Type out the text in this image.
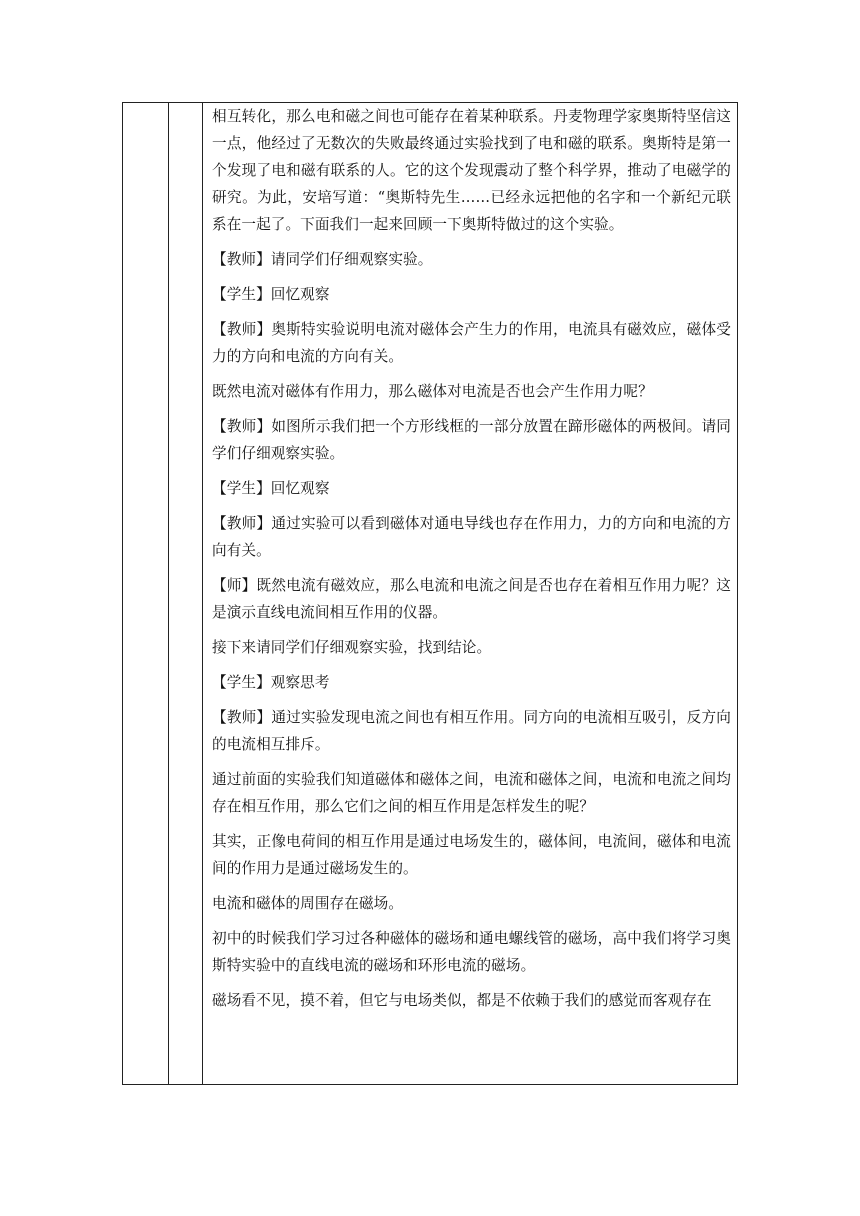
相互转化，那么电和磁之间也可能存在着某种联系。丹麦物理学家奥斯特坚信这一点，他经过了无数次的失败最终通过实验找到了电和磁的联系。奥斯特是第一个发现了电和磁有联系的人。它的这个发现震动了整个科学界，推动了电磁学的研究。为此，安培写道：“奥斯特先生……已经永远把他的名字和一个新纪元联系在一起了。下面我们一起来回顾一下奥斯特做过的这个实验。

【教师】请同学们仔细观察实验。

【学生】回忆观察

【教师】奥斯特实验说明电流对磁体会产生力的作用，电流具有磁效应，磁体受力的方向和电流的方向有关。

既然电流对磁体有作用力，那么磁体对电流是否也会产生作用力呢？

【教师】如图所示我们把一个方形线框的一部分放置在蹄形磁体的两极间。请同学们仔细观察实验。

【学生】回忆观察

【教师】通过实验可以看到磁体对通电导线也存在作用力，力的方向和电流的方向有关。

【师】既然电流有磁效应，那么电流和电流之间是否也存在着相互作用力呢？这是演示直线电流间相互作用的仪器。

接下来请同学们仔细观察实验，找到结论。

【学生】观察思考

【教师】通过实验发现电流之间也有相互作用。同方向的电流相互吸引，反方向的电流相互排斥。

通过前面的实验我们知道磁体和磁体之间，电流和磁体之间，电流和电流之间均存在相互作用，那么它们之间的相互作用是怎样发生的呢？

其实，正像电荷间的相互作用是通过电场发生的，磁体间，电流间，磁体和电流间的作用力是通过磁场发生的。

电流和磁体的周围存在磁场。

初中的时候我们学习过各种磁体的磁场和通电螺线管的磁场，高中我们将学习奥斯特实验中的直线电流的磁场和环形电流的磁场。

磁场看不见，摸不着，但它与电场类似，都是不依赖于我们的感觉而客观存在
